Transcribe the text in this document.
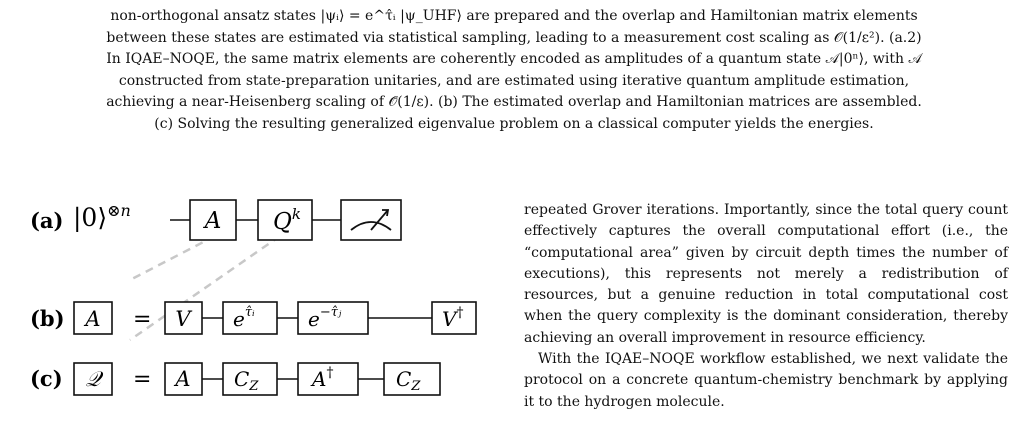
non-orthogonal ansatz states |ψᵢ⟩ = e^τ̂ᵢ |ψ_UHF⟩ are prepared and the overlap and Hamiltonian matrix elements

between these states are estimated via statistical sampling, leading to a measurement cost scaling as 𝒪(1/ε²). (a.2)

In IQAE–NOQE, the same matrix elements are coherently encoded as amplitudes of a quantum state 𝒜|0ⁿ⟩, with 𝒜

constructed from state-preparation unitaries, and are estimated using iterative quantum amplitude estimation,

achieving a near-Heisenberg scaling of 𝒪̃(1/ε). (b) The estimated overlap and Hamiltonian matrices are assembled.

(c) Solving the resulting generalized eigenvalue problem on a classical computer yields the energies.

(a) |0⟩$^{\otimes n}$	A $Q^k$
(b) A = V $e^{\taûᵢ}$	$e^{-\taûⱼ}$	V†
(c) 𝒬 = A $C_Z$	A†	$C_Z$

repeated Grover iterations. Importantly, since the total query count effectively captures the overall computational effort (i.e., the “computational area” given by circuit depth times the number of executions), this represents not merely a redistribution of resources, but a genuine reduction in total computational cost when the query complexity is the dominant consideration, thereby achieving an overall improvement in resource efficiency.

With the IQAE–NOQE workflow established, we next validate the protocol on a concrete quantum-chemistry benchmark by applying it to the hydrogen molecule.
